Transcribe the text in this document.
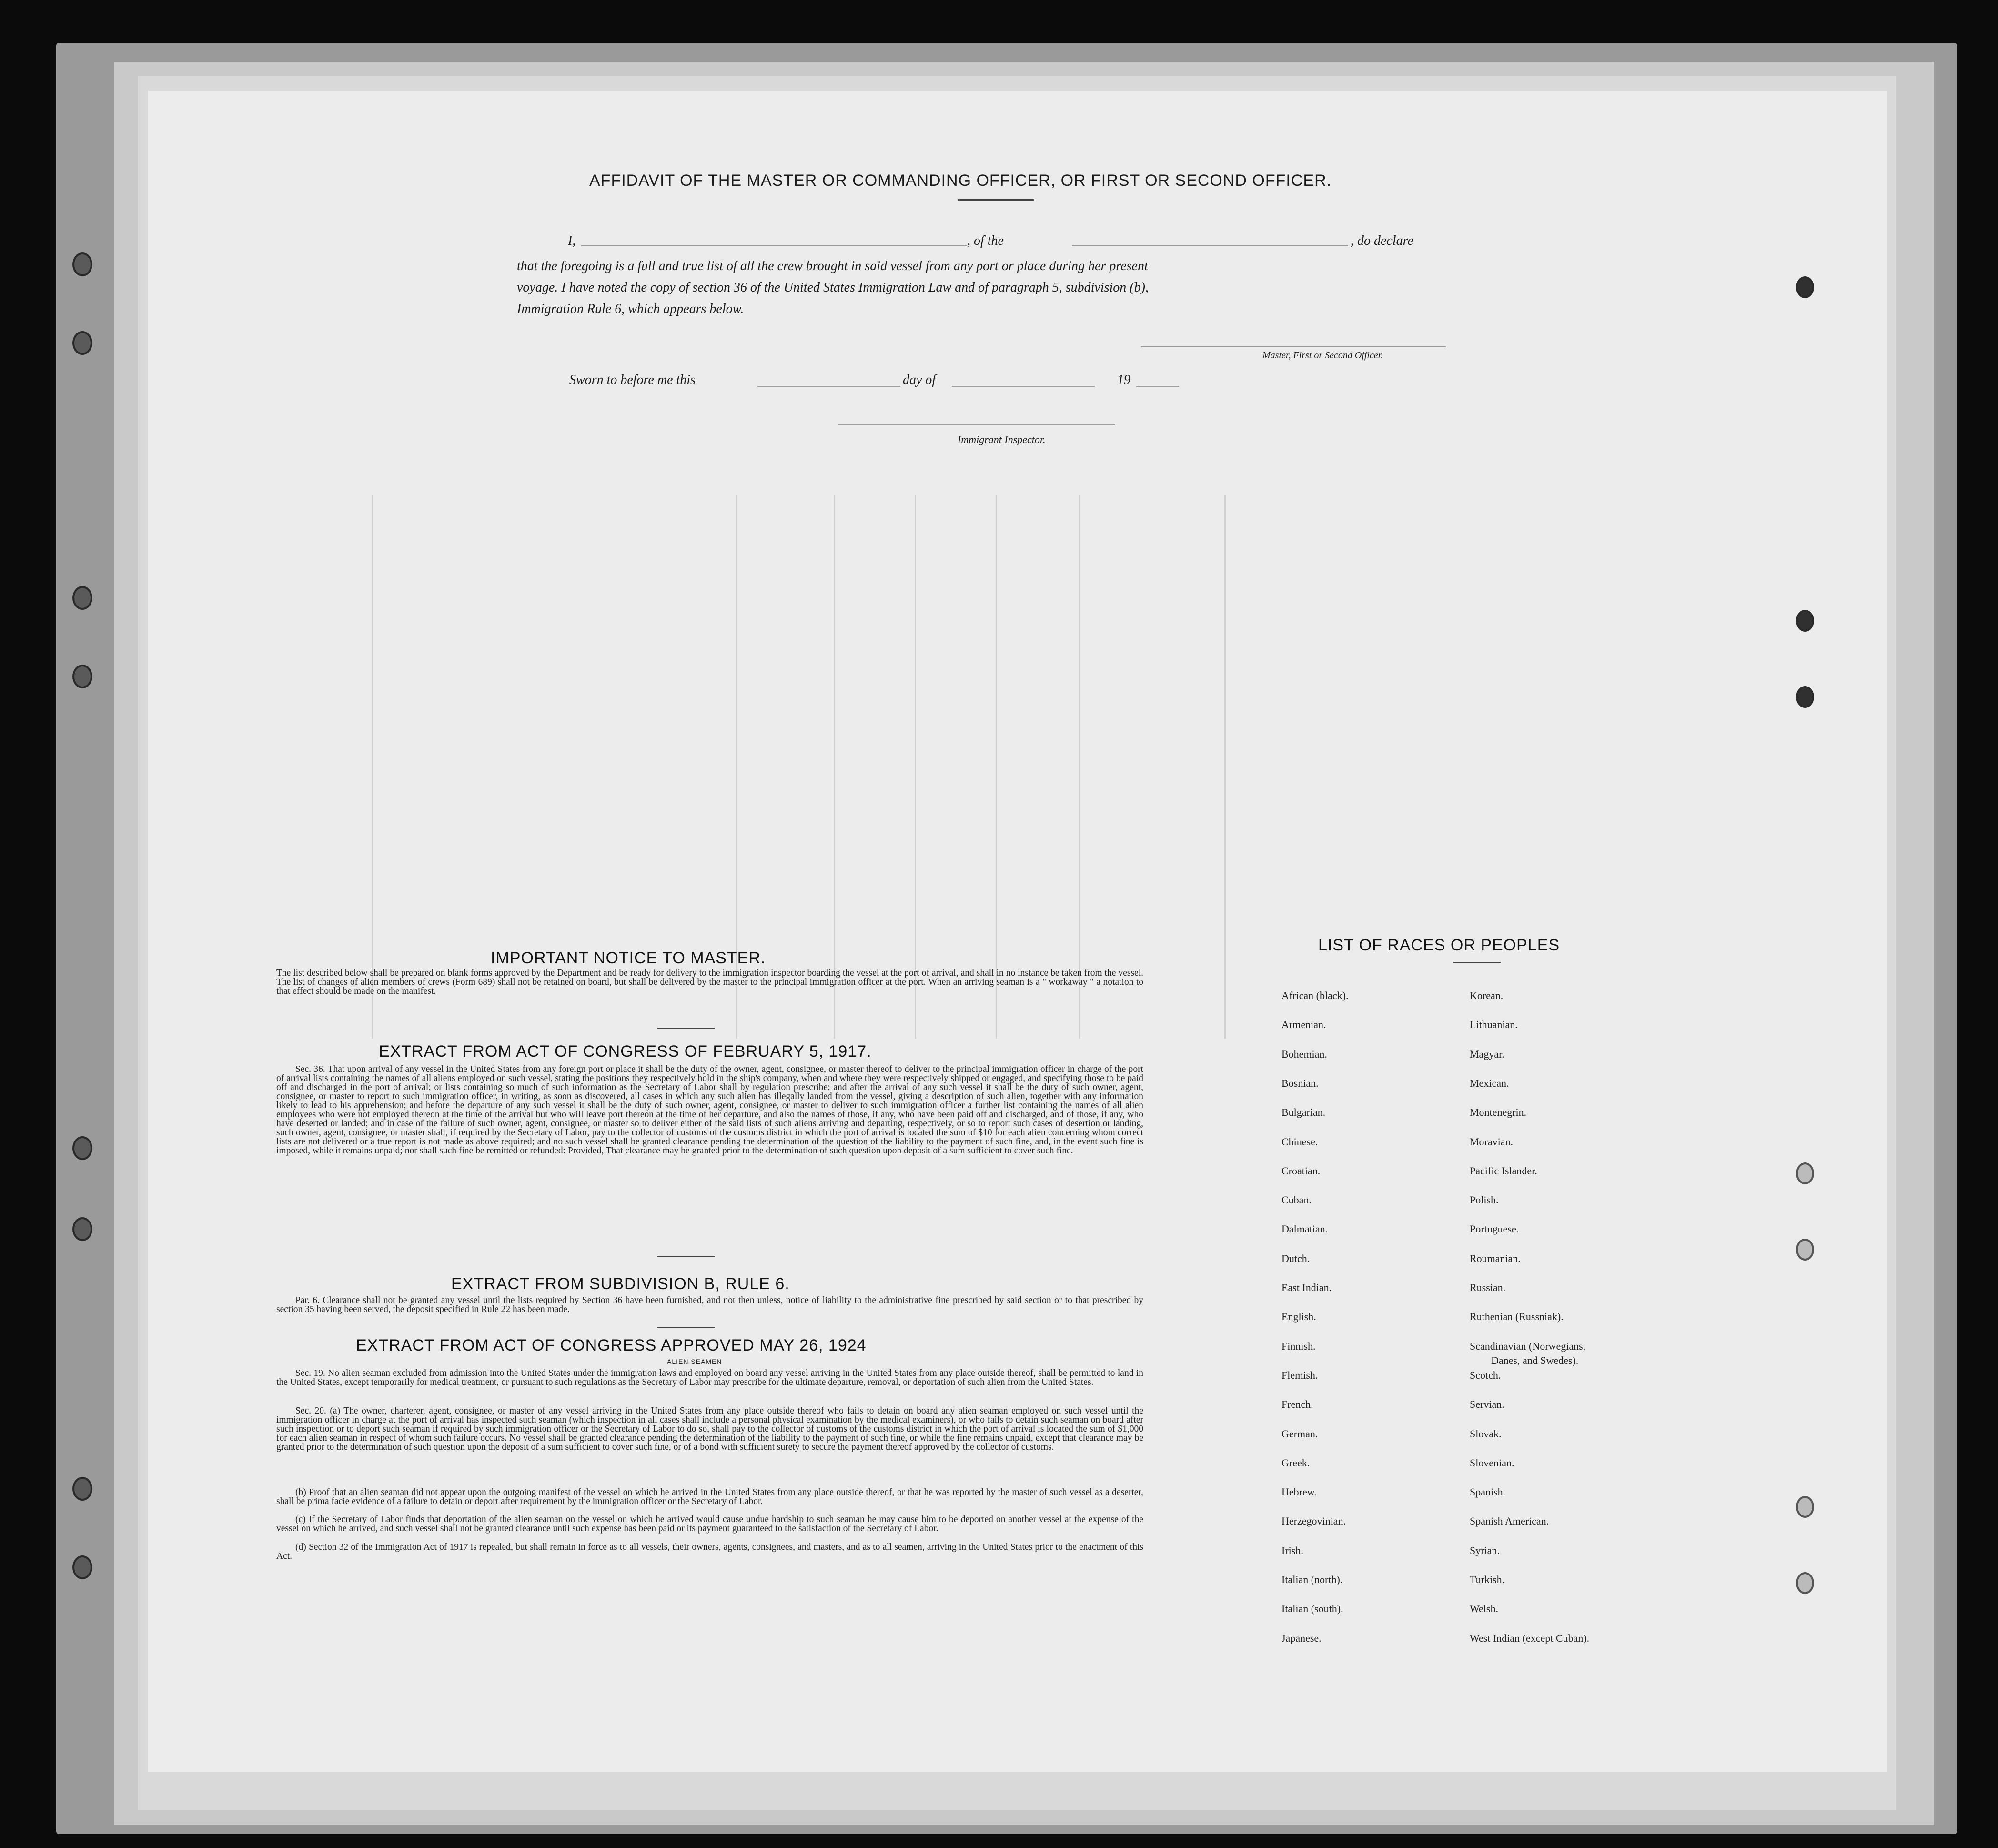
AFFIDAVIT OF THE MASTER OR COMMANDING OFFICER, OR FIRST OR SECOND OFFICER.
I,	, of the	, do declare
that the foregoing is a full and true list of all the crew brought in said vessel from any port or place during her present
voyage. I have noted the copy of section 36 of the United States Immigration Law and of paragraph 5, subdivision (b),
Immigration Rule 6, which appears below.
Master, First or Second Officer.
Sworn to before me this	day of	19
Immigrant Inspector.
IMPORTANT NOTICE TO MASTER.
The list described below shall be prepared on blank forms approved by the Department and be ready for delivery to the immigration inspector boarding the vessel at the port of arrival, and shall in no instance be taken from the vessel. The list of changes of alien members of crews (Form 689) shall not be retained on board, but shall be delivered by the master to the principal immigration officer at the port. When an arriving seaman is a " workaway " a notation to that effect should be made on the manifest.
EXTRACT FROM ACT OF CONGRESS OF FEBRUARY 5, 1917.
Sec. 36. That upon arrival of any vessel in the United States from any foreign port or place it shall be the duty of the owner, agent, consignee, or master thereof to deliver to the principal immigration officer in charge of the port of arrival lists containing the names of all aliens employed on such vessel, stating the positions they respectively hold in the ship's company, when and where they were respectively shipped or engaged, and specifying those to be paid off and discharged in the port of arrival; or lists containing so much of such information as the Secretary of Labor shall by regulation prescribe; and after the arrival of any such vessel it shall be the duty of such owner, agent, consignee, or master to report to such immigration officer, in writing, as soon as discovered, all cases in which any such alien has illegally landed from the vessel, giving a description of such alien, together with any information likely to lead to his apprehension; and before the departure of any such vessel it shall be the duty of such owner, agent, consignee, or master to deliver to such immigration officer a further list containing the names of all alien employees who were not employed thereon at the time of the arrival but who will leave port thereon at the time of her departure, and also the names of those, if any, who have been paid off and discharged, and of those, if any, who have deserted or landed; and in case of the failure of such owner, agent, consignee, or master so to deliver either of the said lists of such aliens arriving and departing, respectively, or so to report such cases of desertion or landing, such owner, agent, consignee, or master shall, if required by the Secretary of Labor, pay to the collector of customs of the customs district in which the port of arrival is located the sum of $10 for each alien concerning whom correct lists are not delivered or a true report is not made as above required; and no such vessel shall be granted clearance pending the determination of the question of the liability to the payment of such fine, and, in the event such fine is imposed, while it remains unpaid; nor shall such fine be remitted or refunded: Provided, That clearance may be granted prior to the determination of such question upon deposit of a sum sufficient to cover such fine.
EXTRACT FROM SUBDIVISION B, RULE 6.
Par. 6. Clearance shall not be granted any vessel until the lists required by Section 36 have been furnished, and not then unless, notice of liability to the administrative fine prescribed by said section or to that prescribed by section 35 having been served, the deposit specified in Rule 22 has been made.
EXTRACT FROM ACT OF CONGRESS APPROVED MAY 26, 1924
ALIEN SEAMEN
Sec. 19. No alien seaman excluded from admission into the United States under the immigration laws and employed on board any vessel arriving in the United States from any place outside thereof, shall be permitted to land in the United States, except temporarily for medical treatment, or pursuant to such regulations as the Secretary of Labor may prescribe for the ultimate departure, removal, or deportation of such alien from the United States.
Sec. 20. (a) The owner, charterer, agent, consignee, or master of any vessel arriving in the United States from any place outside thereof who fails to detain on board any alien seaman employed on such vessel until the immigration officer in charge at the port of arrival has inspected such seaman (which inspection in all cases shall include a personal physical examination by the medical examiners), or who fails to detain such seaman on board after such inspection or to deport such seaman if required by such immigration officer or the Secretary of Labor to do so, shall pay to the collector of customs of the customs district in which the port of arrival is located the sum of $1,000 for each alien seaman in respect of whom such failure occurs. No vessel shall be granted clearance pending the determination of the liability to the payment of such fine, or while the fine remains unpaid, except that clearance may be granted prior to the determination of such question upon the deposit of a sum sufficient to cover such fine, or of a bond with sufficient surety to secure the payment thereof approved by the collector of customs.
(b) Proof that an alien seaman did not appear upon the outgoing manifest of the vessel on which he arrived in the United States from any place outside thereof, or that he was reported by the master of such vessel as a deserter, shall be prima facie evidence of a failure to detain or deport after requirement by the immigration officer or the Secretary of Labor.
(c) If the Secretary of Labor finds that deportation of the alien seaman on the vessel on which he arrived would cause undue hardship to such seaman he may cause him to be deported on another vessel at the expense of the vessel on which he arrived, and such vessel shall not be granted clearance until such expense has been paid or its payment guaranteed to the satisfaction of the Secretary of Labor.
(d) Section 32 of the Immigration Act of 1917 is repealed, but shall remain in force as to all vessels, their owners, agents, consignees, and masters, and as to all seamen, arriving in the United States prior to the enactment of this Act.
LIST OF RACES OR PEOPLES
African (black).
Armenian.
Bohemian.
Bosnian.
Bulgarian.
Chinese.
Croatian.
Cuban.
Dalmatian.
Dutch.
East Indian.
English.
Finnish.
Flemish.
French.
German.
Greek.
Hebrew.
Herzegovinian.
Irish.
Italian (north).
Italian (south).
Japanese.
Korean.
Lithuanian.
Magyar.
Mexican.
Montenegrin.
Moravian.
Pacific Islander.
Polish.
Portuguese.
Roumanian.
Russian.
Ruthenian (Russniak).
Scandinavian (Norwegians,
Danes, and Swedes).
Scotch.
Servian.
Slovak.
Slovenian.
Spanish.
Spanish American.
Syrian.
Turkish.
Welsh.
West Indian (except Cuban).
